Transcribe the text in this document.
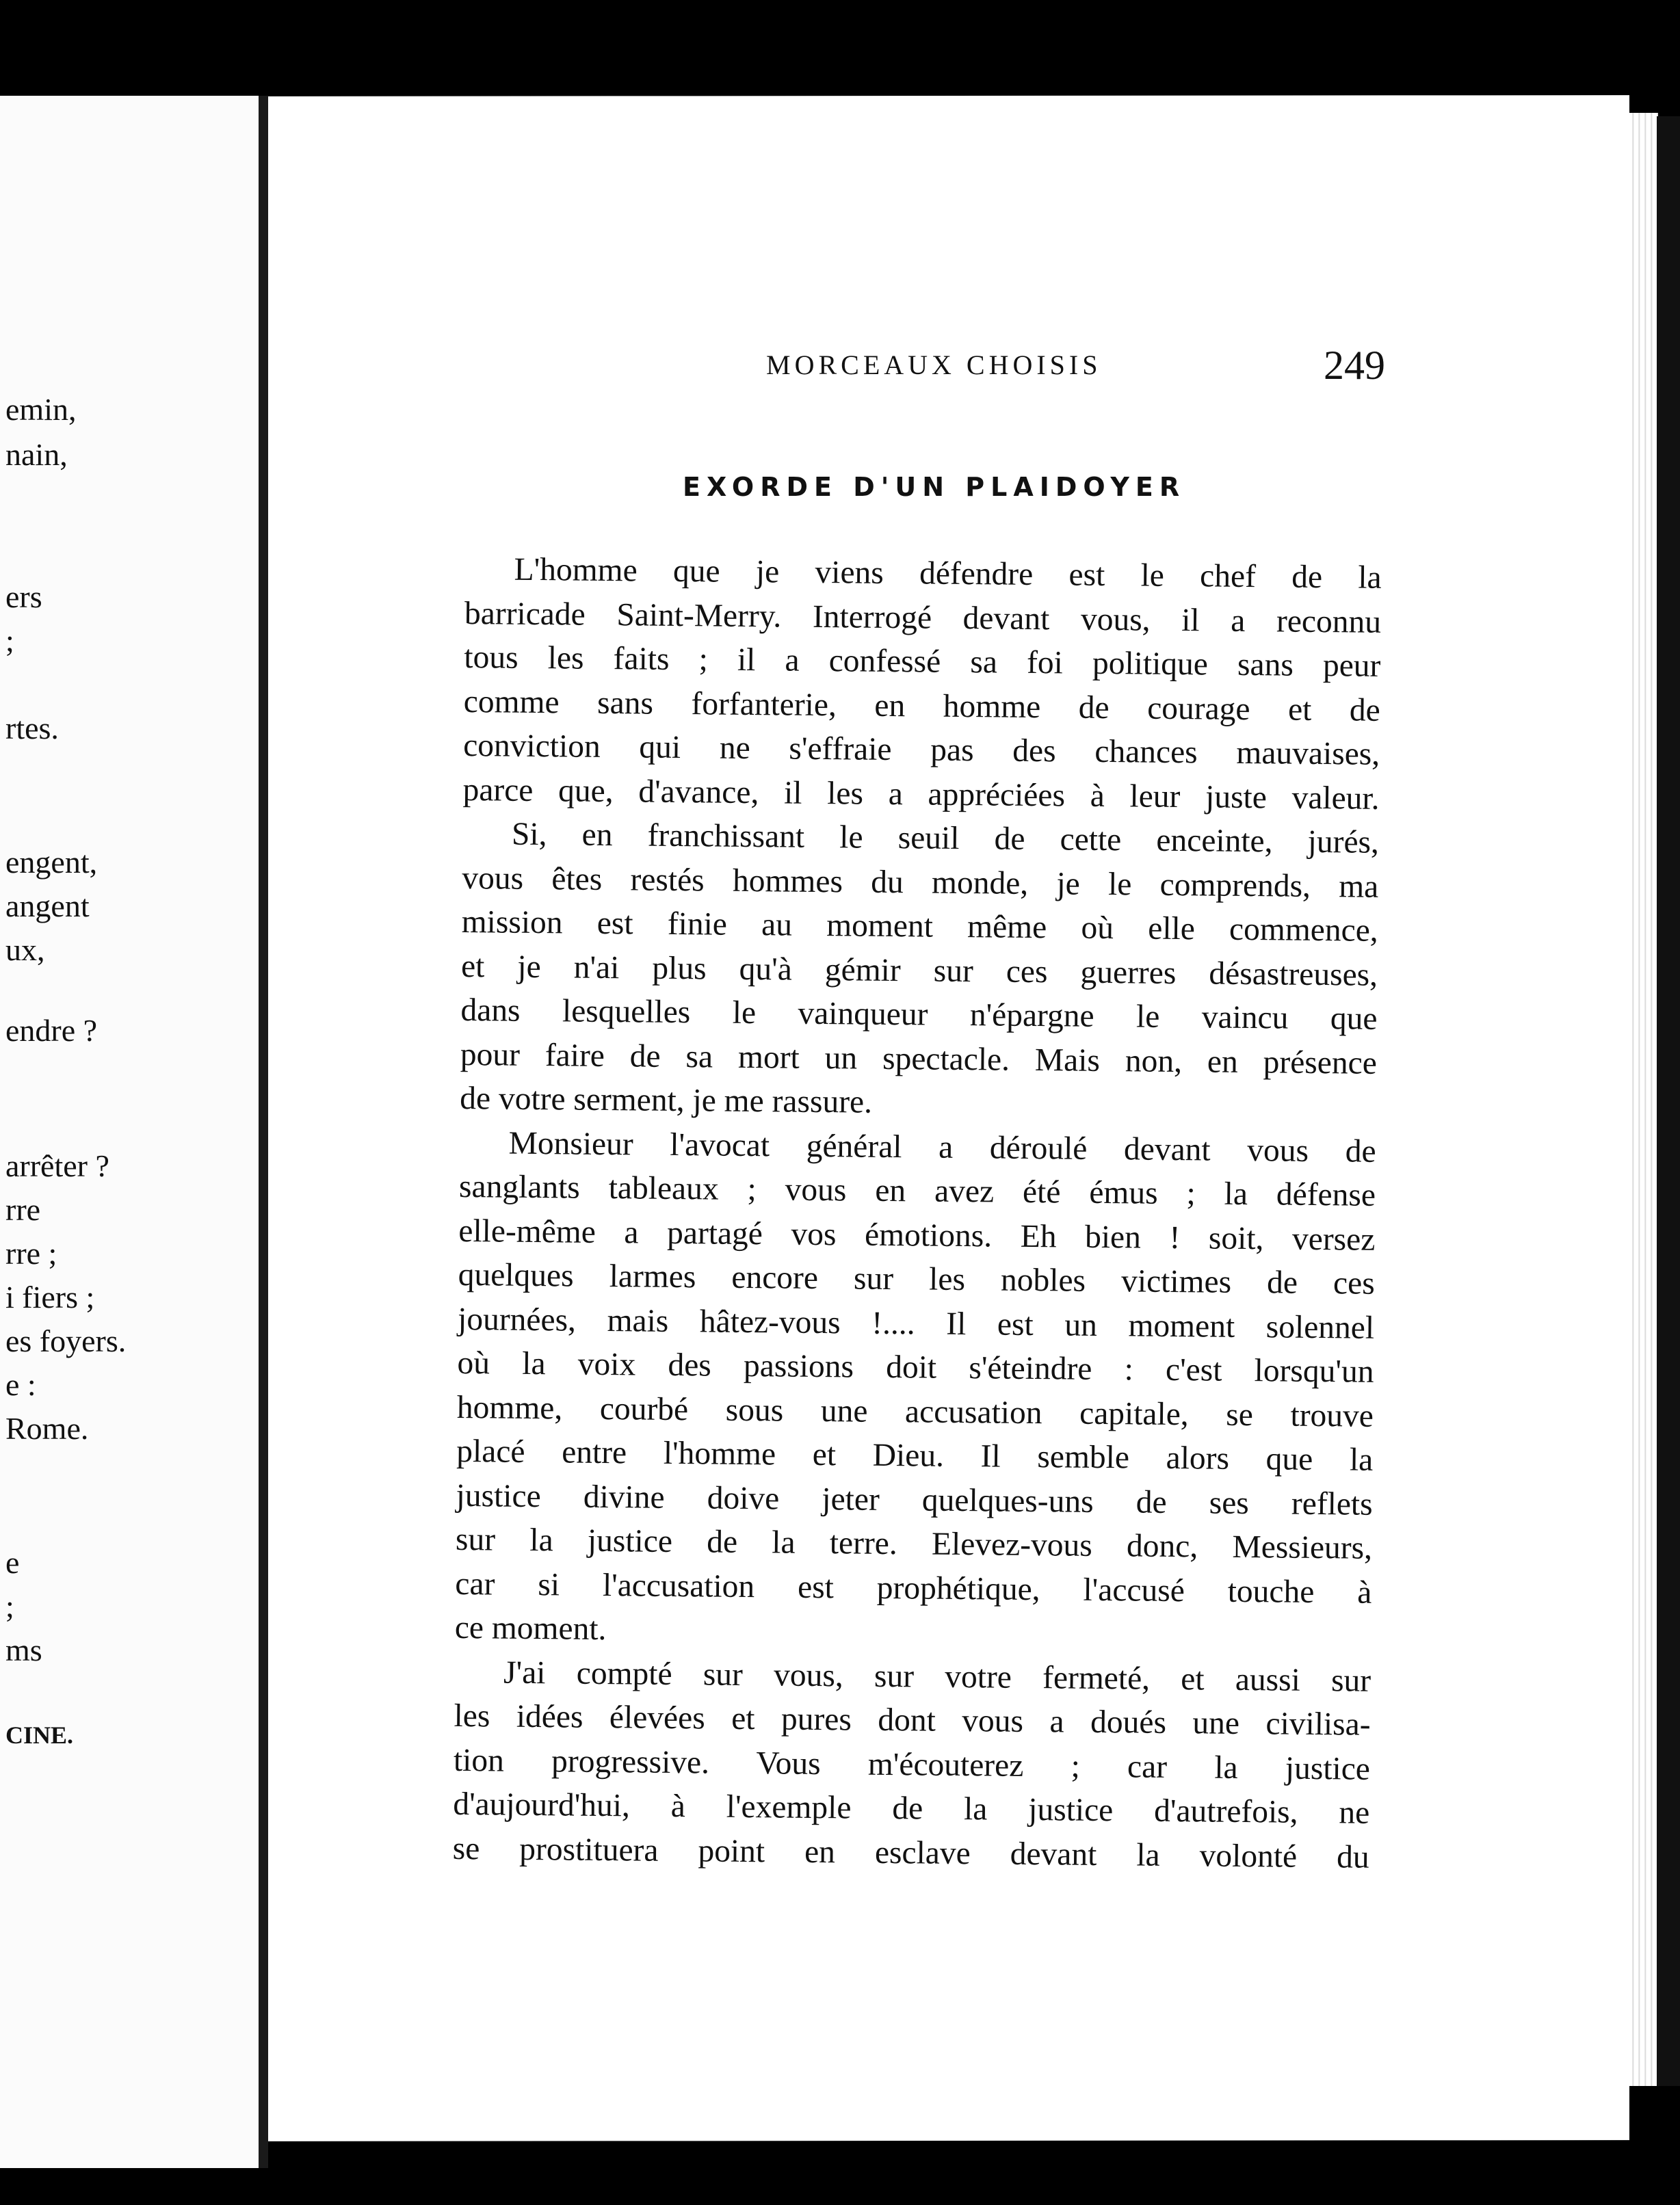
emin,
nain,
ers
;
rtes.
engent,
angent
ux,
endre ?
arrêter ?
rre
rre ;
i fiers ;
es foyers.
e :
Rome.
e
;
ms
CINE.
MORCEAUX CHOISIS	249
EXORDE D'UN PLAIDOYER
L'homme que je viens défendre est le chef de la
barricade Saint-Merry. Interrogé devant vous, il a reconnu
tous les faits ; il a confessé sa foi politique sans peur
comme sans forfanterie, en homme de courage et de
conviction qui ne s'effraie pas des chances mauvaises,
parce que, d'avance, il les a appréciées à leur juste valeur.
Si, en franchissant le seuil de cette enceinte, jurés,
vous êtes restés hommes du monde, je le comprends, ma
mission est finie au moment même où elle commence,
et je n'ai plus qu'à gémir sur ces guerres désastreuses,
dans lesquelles le vainqueur n'épargne le vaincu que
pour faire de sa mort un spectacle. Mais non, en présence
de votre serment, je me rassure.
Monsieur l'avocat général a déroulé devant vous de
sanglants tableaux ; vous en avez été émus ; la défense
elle-même a partagé vos émotions. Eh bien ! soit, versez
quelques larmes encore sur les nobles victimes de ces
journées, mais hâtez-vous !.... Il est un moment solennel
où la voix des passions doit s'éteindre : c'est lorsqu'un
homme, courbé sous une accusation capitale, se trouve
placé entre l'homme et Dieu. Il semble alors que la
justice divine doive jeter quelques-uns de ses reflets
sur la justice de la terre. Elevez-vous donc, Messieurs,
car si l'accusation est prophétique, l'accusé touche à
ce moment.
J'ai compté sur vous, sur votre fermeté, et aussi sur
les idées élevées et pures dont vous a doués une civilisa-
tion progressive. Vous m'écouterez ; car la justice
d'aujourd'hui, à l'exemple de la justice d'autrefois, ne
se prostituera point en esclave devant la volonté du
